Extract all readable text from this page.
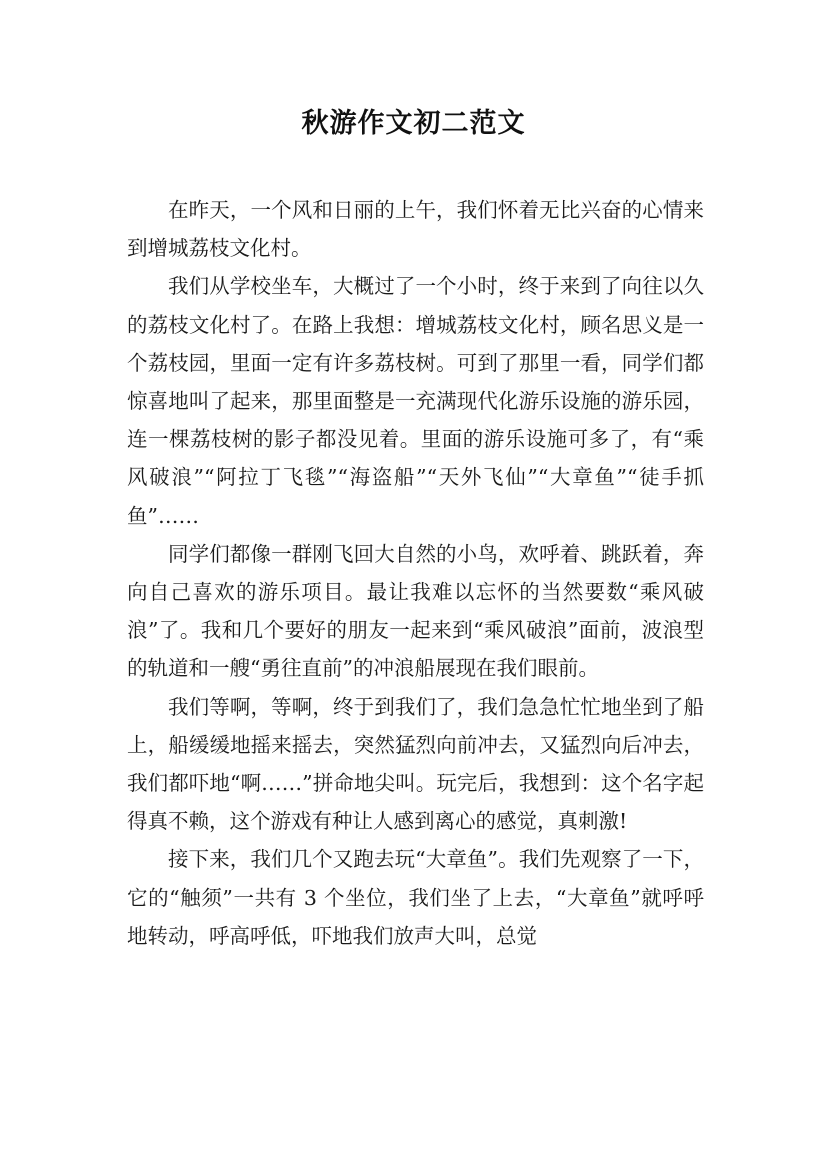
秋游作文初二范文

在昨天，一个风和日丽的上午，我们怀着无比兴奋的心情来到增城荔枝文化村。

我们从学校坐车，大概过了一个小时，终于来到了向往以久的荔枝文化村了。在路上我想：增城荔枝文化村，顾名思义是一个荔枝园，里面一定有许多荔枝树。可到了那里一看，同学们都惊喜地叫了起来，那里面整是一充满现代化游乐设施的游乐园，连一棵荔枝树的影子都没见着。里面的游乐设施可多了，有“乘风破浪”“阿拉丁飞毯”“海盗船”“天外飞仙”“大章鱼”“徒手抓鱼”……

同学们都像一群刚飞回大自然的小鸟，欢呼着、跳跃着，奔向自己喜欢的游乐项目。最让我难以忘怀的当然要数“乘风破浪”了。我和几个要好的朋友一起来到“乘风破浪”面前，波浪型的轨道和一艘“勇往直前”的冲浪船展现在我们眼前。

我们等啊，等啊，终于到我们了，我们急急忙忙地坐到了船上，船缓缓地摇来摇去，突然猛烈向前冲去，又猛烈向后冲去，我们都吓地“啊……”拼命地尖叫。玩完后，我想到：这个名字起得真不赖，这个游戏有种让人感到离心的感觉，真刺激!

接下来，我们几个又跑去玩“大章鱼”。我们先观察了一下，它的“触须”一共有 3 个坐位，我们坐了上去，“大章鱼”就呼呼地转动，呼高呼低，吓地我们放声大叫，总觉
